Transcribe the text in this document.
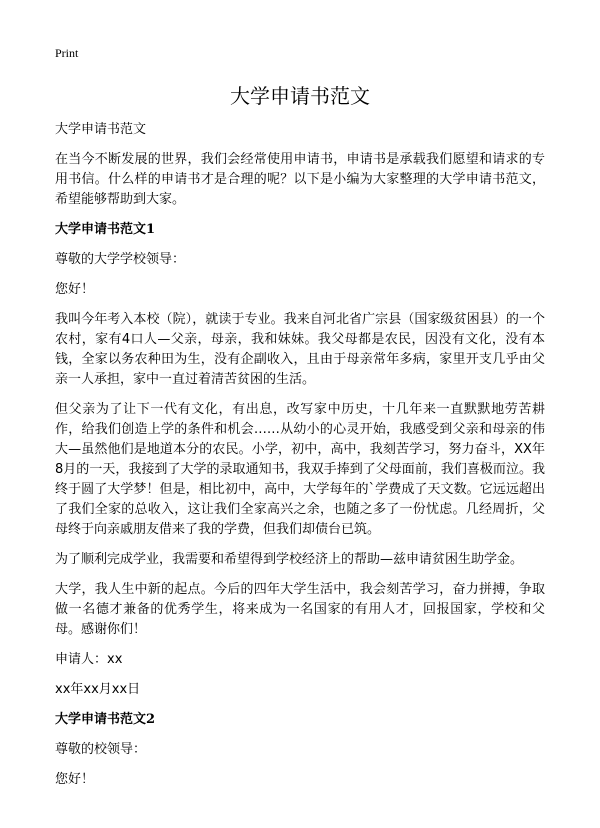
Print
大学申请书范文

大学申请书范文

在当今不断发展的世界，我们会经常使用申请书，申请书是承载我们愿望和请求的专用书信。什么样的申请书才是合理的呢？以下是小编为大家整理的大学申请书范文，希望能够帮助到大家。

大学申请书范文1

尊敬的大学学校领导：

您好！

我叫今年考入本校（院），就读于专业。我来自河北省广宗县（国家级贫困县）的一个农村，家有4口人—父亲，母亲，我和妹妹。我父母都是农民，因没有文化，没有本钱，全家以务农种田为生，没有企副收入，且由于母亲常年多病，家里开支几乎由父亲一人承担，家中一直过着清苦贫困的生活。

但父亲为了让下一代有文化，有出息，改写家中历史，十几年来一直默默地劳苦耕作，给我们创造上学的条件和机会……从幼小的心灵开始，我感受到父亲和母亲的伟大—虽然他们是地道本分的农民。小学，初中，高中，我刻苦学习，努力奋斗，XX年8月的一天，我接到了大学的录取通知书，我双手捧到了父母面前，我们喜极而泣。我终于圆了大学梦！但是，相比初中，高中，大学每年的`学费成了天文数。它远远超出了我们全家的总收入，这让我们全家高兴之余，也随之多了一份忧虑。几经周折，父母终于向亲戚朋友借来了我的学费，但我们却债台已筑。

为了顺利完成学业，我需要和希望得到学校经济上的帮助—兹申请贫困生助学金。

大学，我人生中新的起点。今后的四年大学生活中，我会刻苦学习，奋力拼搏，争取做一名德才兼备的优秀学生，将来成为一名国家的有用人才，回报国家，学校和父母。感谢你们！

申请人：xx

xx年xx月xx日

大学申请书范文2

尊敬的校领导：

您好！
